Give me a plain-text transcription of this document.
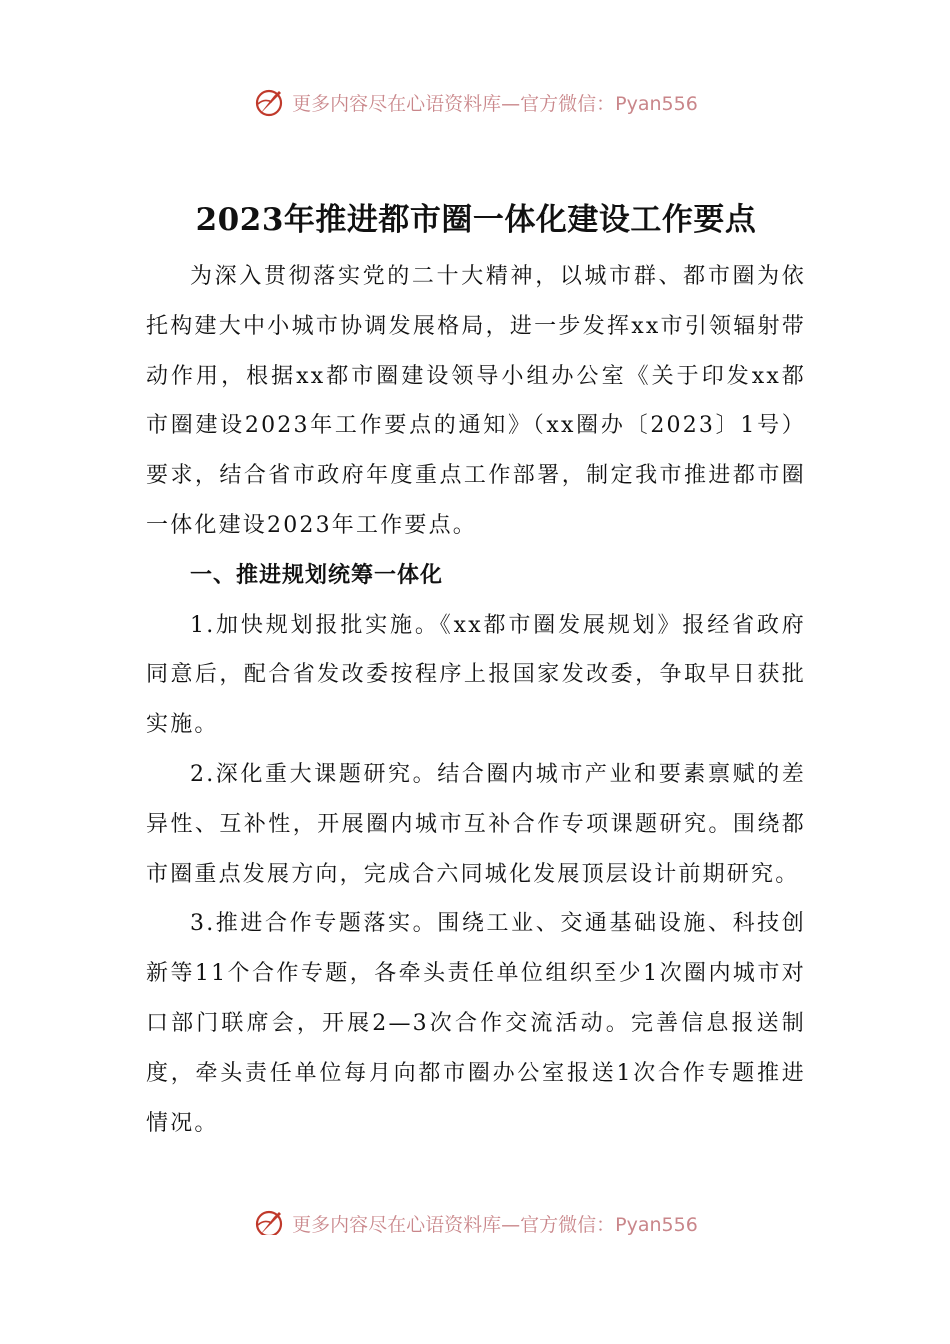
更多内容尽在心语资料库—官方微信：Pyan556
2023年推进都市圈一体化建设工作要点

为深入贯彻落实党的二十大精神，以城市群、都市圈为依托构建大中小城市协调发展格局，进一步发挥xx市引领辐射带动作用，根据xx都市圈建设领导小组办公室《关于印发xx都市圈建设2023年工作要点的通知》（xx圈办〔2023〕1号）要求，结合省市政府年度重点工作部署，制定我市推进都市圈一体化建设2023年工作要点。

一、推进规划统筹一体化

1.加快规划报批实施。《xx都市圈发展规划》报经省政府同意后，配合省发改委按程序上报国家发改委，争取早日获批实施。

2.深化重大课题研究。结合圈内城市产业和要素禀赋的差异性、互补性，开展圈内城市互补合作专项课题研究。围绕都市圈重点发展方向，完成合六同城化发展顶层设计前期研究。

3.推进合作专题落实。围绕工业、交通基础设施、科技创新等11个合作专题，各牵头责任单位组织至少1次圈内城市对口部门联席会，开展2—3次合作交流活动。完善信息报送制度，牵头责任单位每月向都市圈办公室报送1次合作专题推进情况。

更多内容尽在心语资料库—官方微信：Pyan556
